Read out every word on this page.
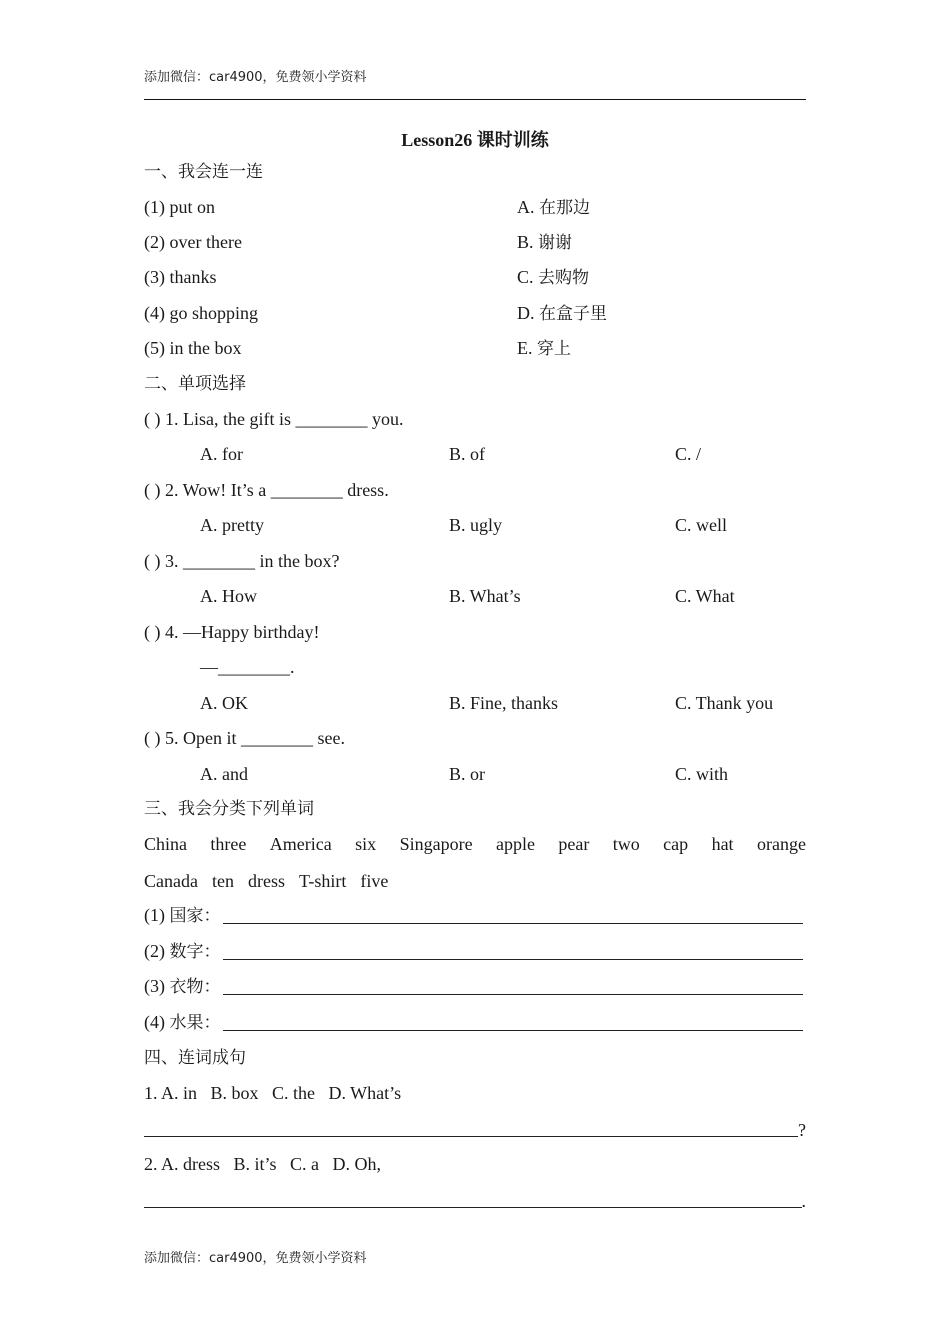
添加微信：car4900，免费领小学资料
Lesson26 课时训练
一、我会连一连
(1) put on	A. 在那边
(2) over there	B. 谢谢
(3) thanks	C. 去购物
(4) go shopping	D. 在盒子里
(5) in the box	E. 穿上
二、单项选择
( ) 1. Lisa, the gift is ________ you.
A. for	B. of	C. /
( ) 2. Wow! It’s a ________ dress.
A. pretty	B. ugly	C. well
( ) 3. ________ in the box?
A. How	B. What’s	C. What
( ) 4. —Happy birthday!
—________.
A. OK	B. Fine, thanks	C. Thank you
( ) 5. Open it ________ see.
A. and	B. or	C. with
三、我会分类下列单词
China three America six Singapore apple pear two cap hat orange
Canada ten dress T-shirt five
(1) 国家：
(2) 数字：
(3) 衣物：
(4) 水果：
四、连词成句
1. A. in   B. box   C. the   D. What’s
?
2. A. dress   B. it’s   C. a   D. Oh,
.
添加微信：car4900，免费领小学资料
